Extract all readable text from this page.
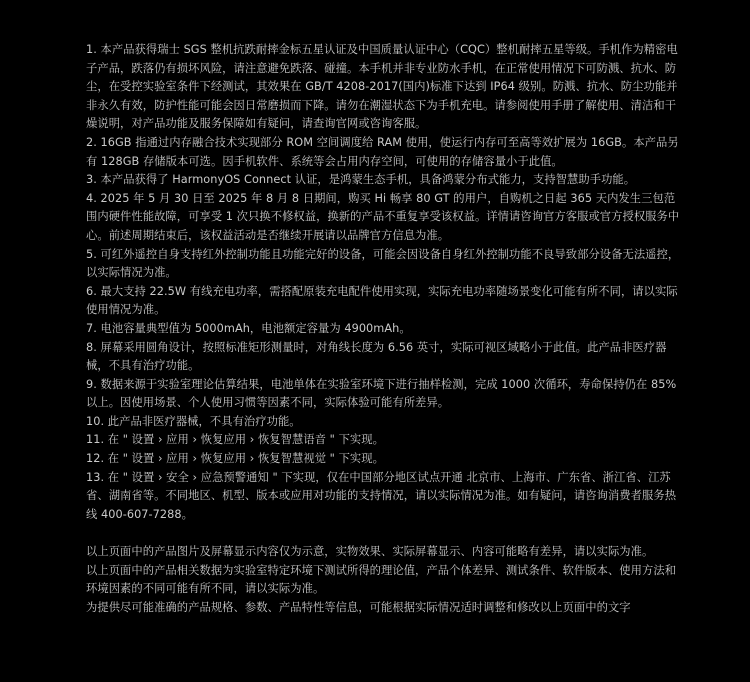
1. 本产品获得瑞士 SGS 整机抗跌耐摔金标五星认证及中国质量认证中心（CQC）整机耐摔五星等级。手机作为精密电子产品，跌落仍有损坏风险，请注意避免跌落、碰撞。本手机并非专业防水手机，在正常使用情况下可防溅、抗水、防尘，在受控实验室条件下经测试，其效果在 GB/T 4208-2017(国内)标准下达到 IP64 级别。防溅、抗水、防尘功能并非永久有效，防护性能可能会因日常磨损而下降。请勿在潮湿状态下为手机充电。请参阅使用手册了解使用、清洁和干燥说明，对产品功能及服务保障如有疑问，请查询官网或咨询客服。

2. 16GB 指通过内存融合技术实现部分 ROM 空间调度给 RAM 使用，使运行内存可至高等效扩展为 16GB。本产品另有 128GB 存储版本可选。因手机软件、系统等会占用内存空间，可使用的存储容量小于此值。

3. 本产品获得了 HarmonyOS Connect 认证，是鸿蒙生态手机，具备鸿蒙分布式能力，支持智慧助手功能。

4. 2025 年 5 月 30 日至 2025 年 8 月 8 日期间，购买 Hi 畅享 80 GT 的用户，自购机之日起 365 天内发生三包范围内硬件性能故障，可享受 1 次只换不修权益，换新的产品不重复享受该权益。详情请咨询官方客服或官方授权服务中心。前述周期结束后，该权益活动是否继续开展请以品牌官方信息为准。

5. 可红外遥控自身支持红外控制功能且功能完好的设备，可能会因设备自身红外控制功能不良导致部分设备无法遥控，以实际情况为准。

6. 最大支持 22.5W 有线充电功率，需搭配原装充电配件使用实现，实际充电功率随场景变化可能有所不同，请以实际使用情况为准。

7. 电池容量典型值为 5000mAh，电池额定容量为 4900mAh。

8. 屏幕采用圆角设计，按照标准矩形测量时，对角线长度为 6.56 英寸，实际可视区域略小于此值。此产品非医疗器械，不具有治疗功能。

9. 数据来源于实验室理论估算结果，电池单体在实验室环境下进行抽样检测，完成 1000 次循环，寿命保持仍在 85% 以上。因使用场景、个人使用习惯等因素不同，实际体验可能有所差异。

10. 此产品非医疗器械，不具有治疗功能。

11. 在 " 设置 › 应用 › 恢复应用 › 恢复智慧语音 " 下实现。

12. 在 " 设置 › 应用 › 恢复应用 › 恢复智慧视觉 " 下实现。

13. 在 " 设置 › 安全 › 应急预警通知 " 下实现，仅在中国部分地区试点开通 北京市、上海市、广东省、浙江省、江苏省、湖南省等。不同地区、机型、版本或应用对功能的支持情况，请以实际情况为准。如有疑问，请咨询消费者服务热线 400-607-7288。

以上页面中的产品图片及屏幕显示内容仅为示意，实物效果、实际屏幕显示、内容可能略有差异，请以实际为准。

以上页面中的产品相关数据为实验室特定环境下测试所得的理论值，产品个体差异、测试条件、软件版本、使用方法和环境因素的不同可能有所不同，请以实际为准。

为提供尽可能准确的产品规格、参数、产品特性等信息，可能根据实际情况适时调整和修改以上页面中的文字
